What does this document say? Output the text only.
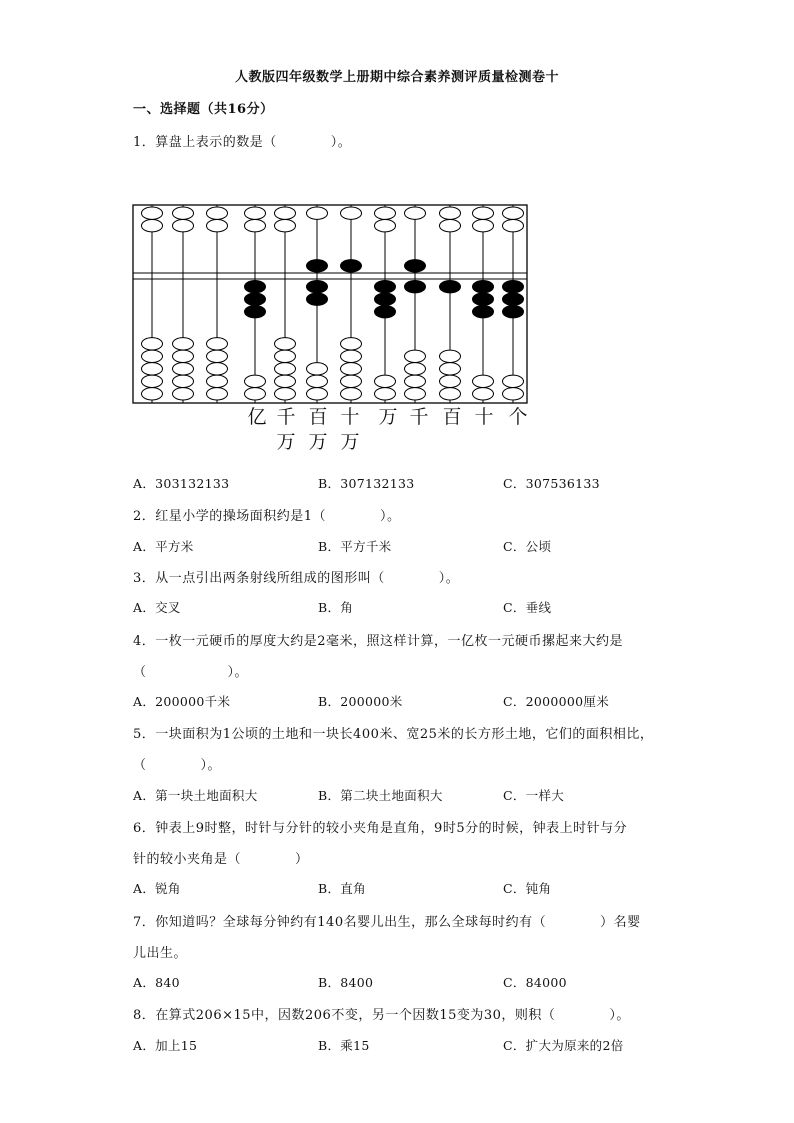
人教版四年级数学上册期中综合素养测评质量检测卷十
一、选择题（共16分）
1．算盘上表示的数是（　　　　）。
亿 千 百 十 万 千 百 十 个
万 万 万
A．303132133	B．307132133	C．307536133
2．红星小学的操场面积约是1（　　　　）。
A．平方米	B．平方千米	C．公顷
3．从一点引出两条射线所组成的图形叫（　　　　）。
A．交叉	B．角	C．垂线
4．一枚一元硬币的厚度大约是2毫米，照这样计算，一亿枚一元硬币摞起来大约是
（　　　　　　）。
A．200000千米	B．200000米	C．2000000厘米
5．一块面积为1公顷的土地和一块长400米、宽25米的长方形土地，它们的面积相比，
（　　　　）。
A．第一块土地面积大	B．第二块土地面积大	C．一样大
6．钟表上9时整，时针与分针的较小夹角是直角，9时5分的时候，钟表上时针与分
针的较小夹角是（　　　　）
A．锐角	B．直角	C．钝角
7．你知道吗？全球每分钟约有140名婴儿出生，那么全球每时约有（　　　　）名婴
儿出生。
A．840	B．8400	C．84000
8．在算式206×15中，因数206不变，另一个因数15变为30，则积（　　　　）。
A．加上15	B．乘15	C．扩大为原来的2倍
